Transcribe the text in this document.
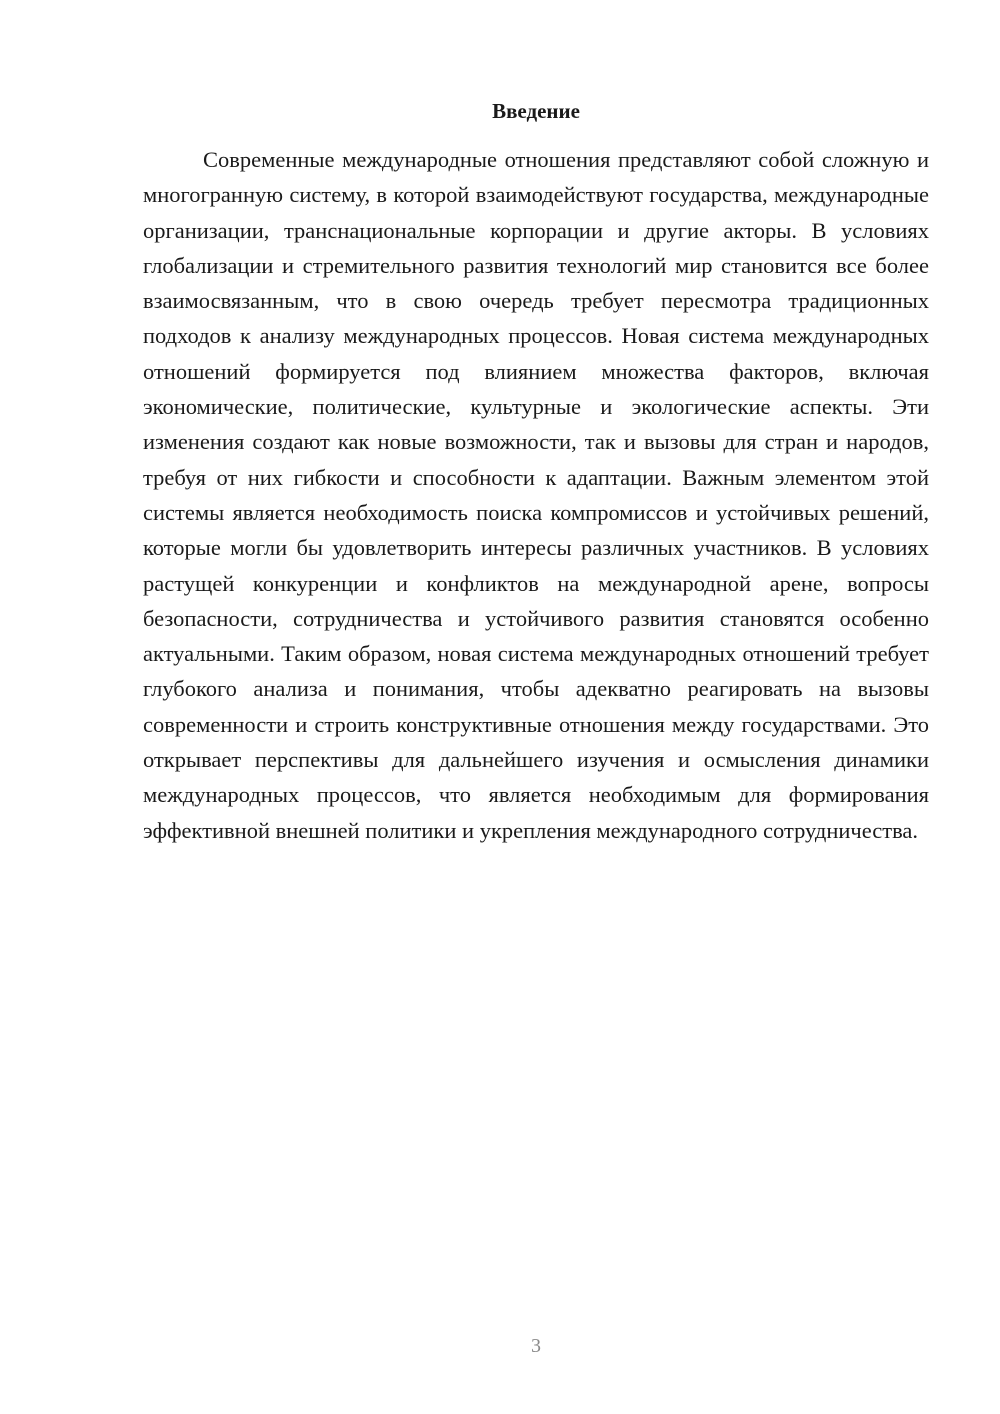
Введение

Современные международные отношения представляют собой сложную и многогранную систему, в которой взаимодействуют государства, международные организации, транснациональные корпорации и другие акторы. В условиях глобализации и стремительного развития технологий мир становится все более взаимосвязанным, что в свою очередь требует пересмотра традиционных подходов к анализу международных процессов. Новая система международных отношений формируется под влиянием множества факторов, включая экономические, политические, культурные и экологические аспекты. Эти изменения создают как новые возможности, так и вызовы для стран и народов, требуя от них гибкости и способности к адаптации. Важным элементом этой системы является необходимость поиска компромиссов и устойчивых решений, которые могли бы удовлетворить интересы различных участников. В условиях растущей конкуренции и конфликтов на международной арене, вопросы безопасности, сотрудничества и устойчивого развития становятся особенно актуальными. Таким образом, новая система международных отношений требует глубокого анализа и понимания, чтобы адекватно реагировать на вызовы современности и строить конструктивные отношения между государствами. Это открывает перспективы для дальнейшего изучения и осмысления динамики международных процессов, что является необходимым для формирования эффективной внешней политики и укрепления международного сотрудничества.

3
